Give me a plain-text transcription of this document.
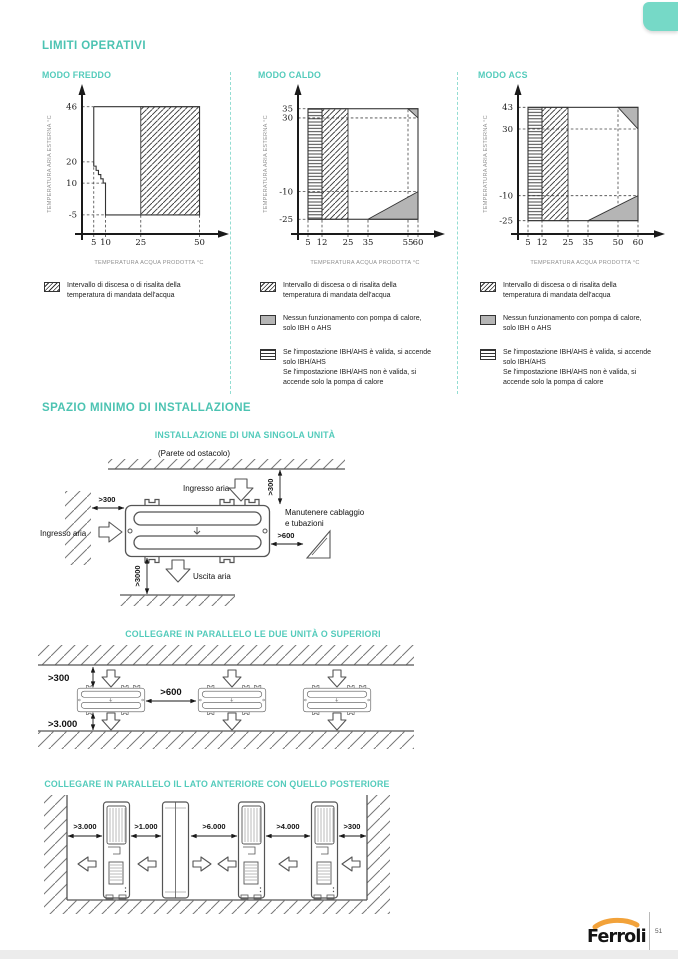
LIMITI OPERATIVI
MODO FREDDO
46
20
10
-5
5 10	25	50
TEMPERATURA ACQUA PRODOTTA °C
TEMPERATURA ARIA ESTERNA °C
Intervallo di discesa o di risalita della
temperatura di mandata dell'acqua
MODO CALDO
35
30
-10
-25
5 12 25 35	55 60
TEMPERATURA ACQUA PRODOTTA °C
TEMPERATURA ARIA ESTERNA °C
Intervallo di discesa o di risalita della
temperatura di mandata dell'acqua
Nessun funzionamento con pompa di calore,
solo IBH o AHS
Se l'impostazione IBH/AHS è valida, si accende
solo IBH/AHS
Se l'impostazione IBH/AHS non è valida, si
accende solo la pompa di calore
MODO ACS
43
30
-10
-25
5 12 25 35 50 60
TEMPERATURA ACQUA PRODOTTA °C
TEMPERATURA ARIA ESTERNA °C
Intervallo di discesa o di risalita della
temperatura di mandata dell'acqua
Nessun funzionamento con pompa di calore,
solo IBH o AHS
Se l'impostazione IBH/AHS è valida, si accende
solo IBH/AHS
Se l'impostazione IBH/AHS non è valida, si
accende solo la pompa di calore
SPAZIO MINIMO DI INSTALLAZIONE
INSTALLAZIONE DI UNA SINGOLA UNITÀ
(Parete od ostacolo)
>300
Ingresso aria
>300
Ingresso aria	>600
Manutenere cablaggio
e tubazioni
>3000	Uscita aria
COLLEGARE IN PARALLELO LE DUE UNITÀ O SUPERIORI
>300
>600
>3.000
COLLEGARE IN PARALLELO IL LATO ANTERIORE CON QUELLO POSTERIORE
>3.000	>1.000	>6.000	>4.000	>300
Ferroli 51
